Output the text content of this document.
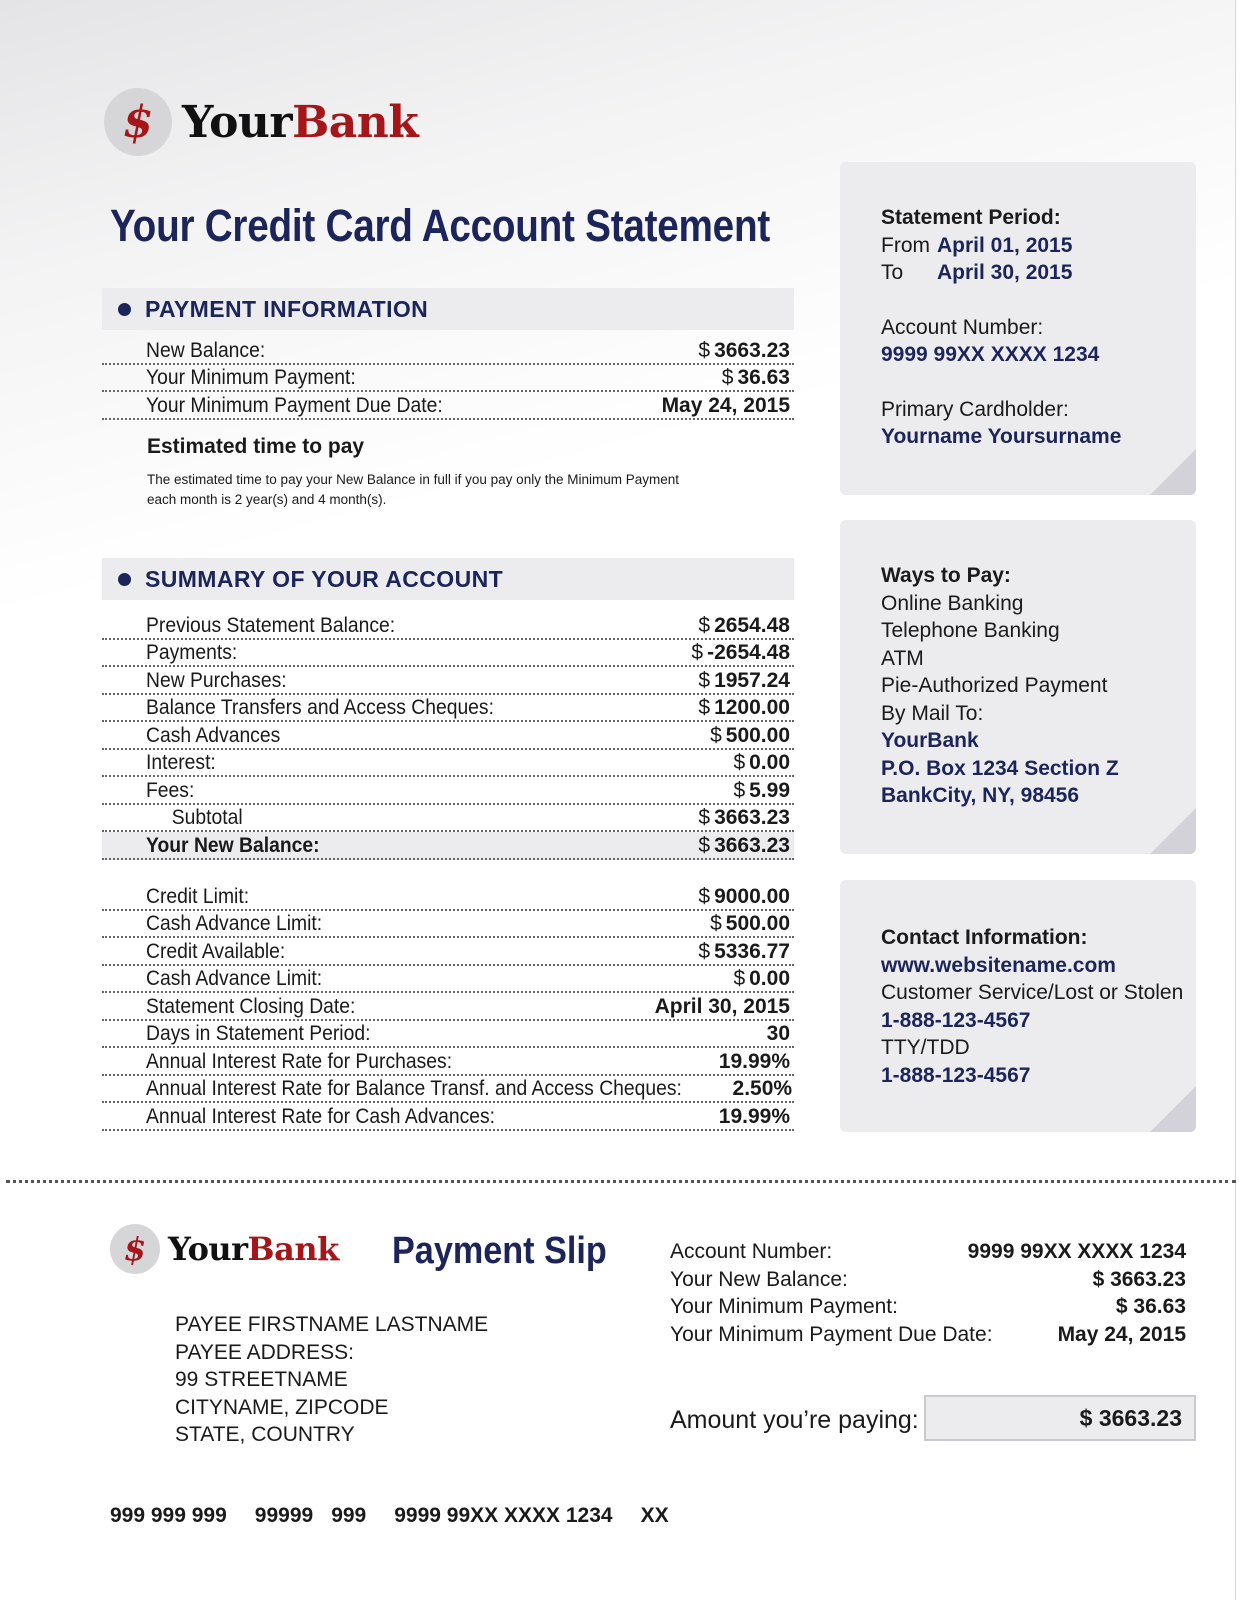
$ YourBank
Your Credit Card Account Statement
PAYMENT INFORMATION
New Balance:	$ 3663.23
Your Minimum Payment:	$ 36.63
Your Minimum Payment Due Date:	May 24, 2015
Estimated time to pay
The estimated time to pay your New Balance in full if you pay only the Minimum Payment
each month is 2 year(s) and 4 month(s).
SUMMARY OF YOUR ACCOUNT
Previous Statement Balance:	$ 2654.48
Payments:	$ -2654.48
New Purchases:	$ 1957.24
Balance Transfers and Access Cheques:	$ 1200.00
Cash Advances	$ 500.00
Interest:	$ 0.00
Fees:	$ 5.99
Subtotal	$ 3663.23
Your New Balance:	$ 3663.23
Credit Limit:	$ 9000.00
Cash Advance Limit:	$ 500.00
Credit Available:	$ 5336.77
Cash Advance Limit:	$ 0.00
Statement Closing Date:	April 30, 2015
Days in Statement Period:	30
Annual Interest Rate for Purchases:	19.99%
Annual Interest Rate for Balance Transf. and Access Cheques: 2.50%
Annual Interest Rate for Cash Advances:	19.99%
Statement Period:
From April 01, 2015
To April 30, 2015
Account Number:
9999 99XX XXXX 1234
Primary Cardholder:
Yourname Yoursurname
Ways to Pay:
Online Banking
Telephone Banking
ATM
Pie-Authorized Payment
By Mail To:
YourBank
P.O. Box 1234 Section Z
BankCity, NY, 98456
Contact Information:
www.websitename.com
Customer Service/Lost or Stolen
1-888-123-4567
TTY/TDD
1-888-123-4567
$ YourBank Payment Slip
PAYEE FIRSTNAME LASTNAME
PAYEE ADDRESS:
99 STREETNAME
CITYNAME, ZIPCODE
STATE, COUNTRY
Account Number:	9999 99XX XXXX 1234
Your New Balance:	$ 3663.23
Your Minimum Payment:	$ 36.63
Your Minimum Payment Due Date:	May 24, 2015
Amount you’re paying:	$ 3663.23
999 999 999 99999 999 9999 99XX XXXX 1234 XX
